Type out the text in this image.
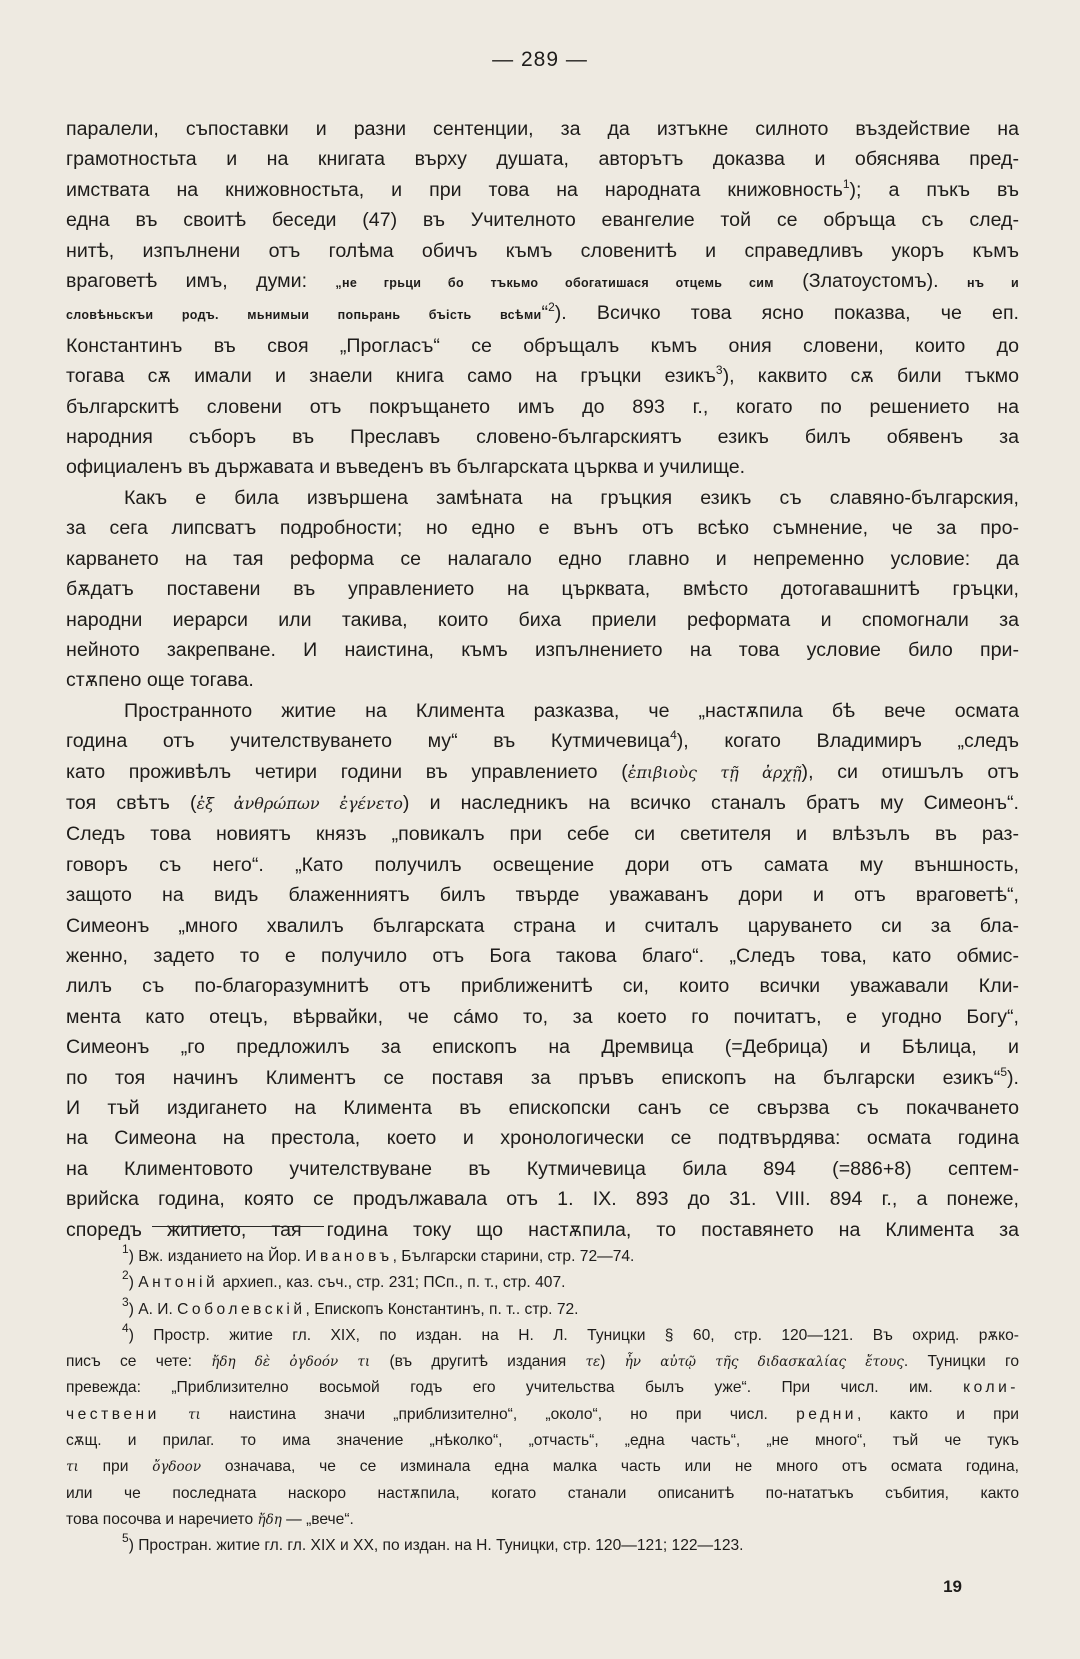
— 289 —

паралели, съпоставки и разни сентенции, за да изтъкне силното въздействие на

грамотностьта и на книгата върху душата, авторътъ доказва и обяснява пред-

имствата на книжовностьта, и при това на народната книжовность$^1$); а пъкъ въ

една въ своитѣ беседи (47) въ Учителното евангелие той се обръща съ след-

нитѣ, изпълнени отъ голѣма обичъ къмъ словенитѣ и справедливъ укоръ къмъ

враговетѣ имъ, думи: „не грьци бо тъкьмо обогатишася отцемь сим (Златоустомъ). нъ и

словѣньскъи родъ. мьнимыи попьрань бъість всѣми“$^2$). Всичко това ясно показва, че еп.

Константинъ въ своя „Прогласъ“ се обръщалъ къмъ ония словени, които до

тогава сѫ имали и знаели книга само на гръцки езикъ$^3$), каквито сѫ били тъкмо

българскитѣ словени отъ покръщането имъ до 893 г., когато по решението на

народния съборъ въ Преславъ словено-българскиятъ езикъ билъ обявенъ за

официаленъ въ държавата и въведенъ въ българската църква и училище.

Какъ е била извършена замѣната на гръцкия езикъ съ славяно-българския,

за сега липсватъ подробности; но едно е вънъ отъ всѣко съмнение, че за про-

карването на тая реформа се налагало едно главно и непременно условие: да

бѫдатъ поставени въ управлението на църквата, вмѣсто дотогавашнитѣ гръцки,

народни иерарси или такива, които биха приели реформата и спомогнали за

нейното закрепване. И наистина, къмъ изпълнението на това условие било при-

стѫпено още тогава.

Пространното житие на Климента разказва, че „настѫпила бѣ вече осмата

година отъ учителствуването му“ въ Кутмичевица$^4$), когато Владимиръ „следъ

като проживѣлъ четири години въ управлението (ἐπιβιοὺς τῇ ἀρχῇ), си отишълъ отъ

тоя свѣтъ (ἐξ ἀνθρώπων ἐγένετο) и наследникъ на всичко станалъ братъ му Симеонъ“.

Следъ това новиятъ князъ „повикалъ при себе си светителя и влѣзълъ въ раз-

говоръ съ него“. „Като получилъ освещение дори отъ самата му външность,

защото на видъ блаженниятъ билъ твърде уважаванъ дори и отъ враговетѣ“,

Симеонъ „много хвалилъ българската страна и считалъ царуването си за бла-

женно, задето то е получило отъ Бога такова благо“. „Следъ това, като обмис-

лилъ съ по-благоразумнитѣ отъ приближенитѣ си, които всички уважавали Кли-

мента като отецъ, вѣрвайки, че сáмо то, за което го почитатъ, е угодно Богу“,

Симеонъ „го предложилъ за епископъ на Дремвица (=Дебрица) и Бѣлица, и

по тоя начинъ Климентъ се поставя за пръвъ епископъ на български езикъ“$^5$).

И тъй издигането на Климента въ епископски санъ се свързва съ покачването

на Симеона на престола, което и хронологически се подтвърдява: осмата година

на Климентовото учителствуване въ Кутмичевица била 894 (=886+8) септем-

врийска година, която се продължавала отъ 1. IX. 893 до 31. VIII. 894 г., а понеже,

споредъ житието, тая година току що настѫпила, то поставянето на Климента за

$^1$) Вж. изданието на Йор. Ивановъ, Български старини, стр. 72—74.

$^2$) Антоній архиеп., каз. съч., стр. 231; ПСп., п. т., стр. 407.

$^3$) А. И. Соболевскій, Епископъ Константинъ, п. т.. стр. 72.

$^4$) Простр. житие гл. XIX, по издан. на Н. Л. Туницки § 60, стр. 120—121. Въ охрид. рѫко-

писъ се чете: ἤδη δὲ ὀγδοόν τι (въ другитѣ издания τε) ἦν αὐτῷ τῆς διδασκαλίας ἔτους. Туницки го

превежда: „Приблизително восьмой годъ его учительства былъ уже“. При числ. им. коли-

чествени τι наистина значи „приблизително“, „около“, но при числ. редни, както и при

сѫщ. и прилаг. то има значение „нѣколко“, „отчасть“, „една часть“, „не много“, тъй че тукъ

τι при ὄγδοον означава, че се изминала една малка часть или не много отъ осмата година,

или че последната наскоро настѫпила, когато станали описанитѣ по-нататъкъ събития, както

това посочва и наречието ἤδη — „вече“.

$^5$) Простран. житие гл. гл. XIX и XX, по издан. на Н. Туницки, стр. 120—121; 122—123.

19
